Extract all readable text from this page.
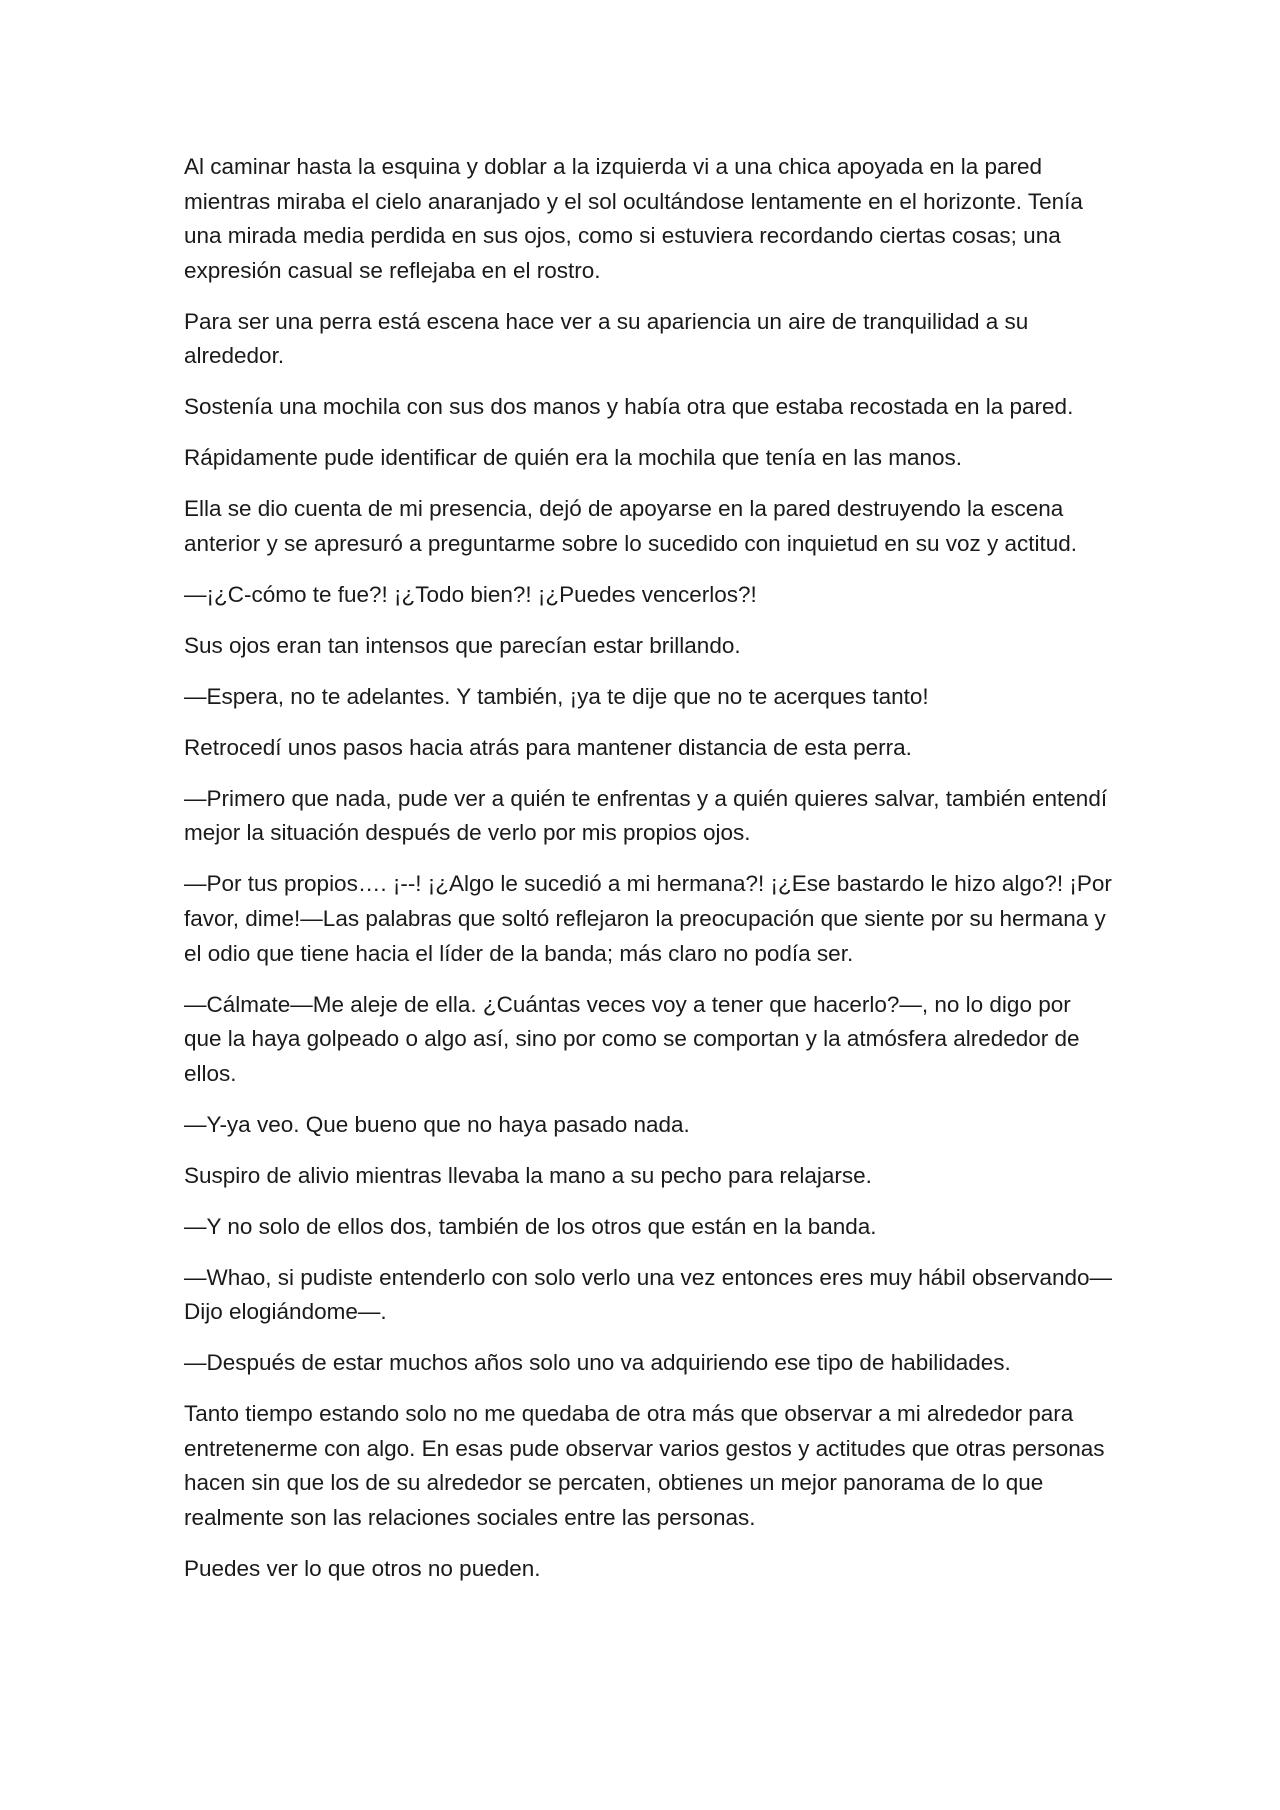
Al caminar hasta la esquina y doblar a la izquierda vi a una chica apoyada en la pared mientras miraba el cielo anaranjado y el sol ocultándose lentamente en el horizonte. Tenía una mirada media perdida en sus ojos, como si estuviera recordando ciertas cosas; una expresión casual se reflejaba en el rostro.

Para ser una perra está escena hace ver a su apariencia un aire de tranquilidad a su alrededor.

Sostenía una mochila con sus dos manos y había otra que estaba recostada en la pared.

Rápidamente pude identificar de quién era la mochila que tenía en las manos.

Ella se dio cuenta de mi presencia, dejó de apoyarse en la pared destruyendo la escena anterior y se apresuró a preguntarme sobre lo sucedido con inquietud en su voz y actitud.

—¡¿C-cómo te fue?! ¡¿Todo bien?! ¡¿Puedes vencerlos?!

Sus ojos eran tan intensos que parecían estar brillando.

—Espera, no te adelantes. Y también, ¡ya te dije que no te acerques tanto!

Retrocedí unos pasos hacia atrás para mantener distancia de esta perra.

—Primero que nada, pude ver a quién te enfrentas y a quién quieres salvar, también entendí mejor la situación después de verlo por mis propios ojos.

—Por tus propios…. ¡--! ¡¿Algo le sucedió a mi hermana?! ¡¿Ese bastardo le hizo algo?! ¡Por favor, dime!—Las palabras que soltó reflejaron la preocupación que siente por su hermana y el odio que tiene hacia el líder de la banda; más claro no podía ser.

—Cálmate—Me aleje de ella. ¿Cuántas veces voy a tener que hacerlo?—, no lo digo por que la haya golpeado o algo así, sino por como se comportan y la atmósfera alrededor de ellos.

—Y-ya veo. Que bueno que no haya pasado nada.

Suspiro de alivio mientras llevaba la mano a su pecho para relajarse.

—Y no solo de ellos dos, también de los otros que están en la banda.

—Whao, si pudiste entenderlo con solo verlo una vez entonces eres muy hábil observando—Dijo elogiándome—.

—Después de estar muchos años solo uno va adquiriendo ese tipo de habilidades.

Tanto tiempo estando solo no me quedaba de otra más que observar a mi alrededor para entretenerme con algo. En esas pude observar varios gestos y actitudes que otras personas hacen sin que los de su alrededor se percaten, obtienes un mejor panorama de lo que realmente son las relaciones sociales entre las personas.

Puedes ver lo que otros no pueden.
